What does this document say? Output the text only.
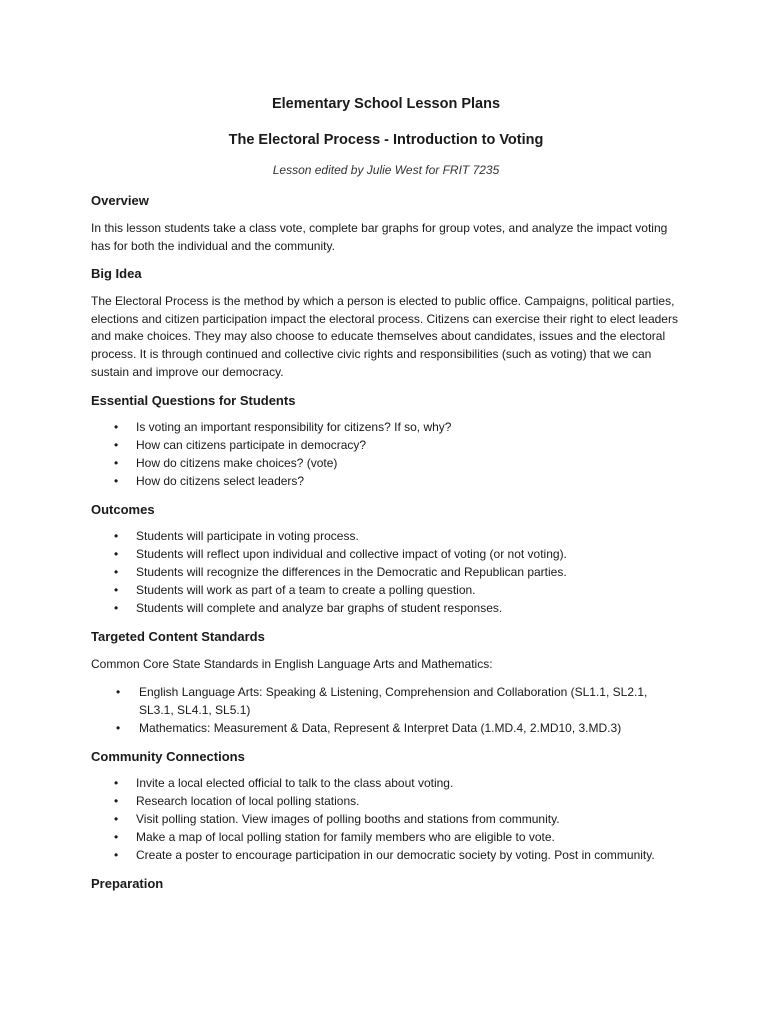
Elementary School Lesson Plans
The Electoral Process - Introduction to Voting
Lesson edited by Julie West for FRIT 7235
Overview

In this lesson students take a class vote, complete bar graphs for group votes, and analyze the impact voting has for both the individual and the community.

Big Idea

The Electoral Process is the method by which a person is elected to public office. Campaigns, political parties, elections and citizen participation impact the electoral process. Citizens can exercise their right to elect leaders and make choices. They may also choose to educate themselves about candidates, issues and the electoral process. It is through continued and collective civic rights and responsibilities (such as voting) that we can sustain and improve our democracy.

Essential Questions for Students
• Is voting an important responsibility for citizens? If so, why?
• How can citizens participate in democracy?
• How do citizens make choices? (vote)
• How do citizens select leaders?
Outcomes
• Students will participate in voting process.
• Students will reflect upon individual and collective impact of voting (or not voting).
• Students will recognize the differences in the Democratic and Republican parties.
• Students will work as part of a team to create a polling question.
• Students will complete and analyze bar graphs of student responses.
Targeted Content Standards

Common Core State Standards in English Language Arts and Mathematics:

• English Language Arts: Speaking & Listening, Comprehension and Collaboration (SL1.1, SL2.1, SL3.1, SL4.1, SL5.1)
• Mathematics: Measurement & Data, Represent & Interpret Data (1.MD.4, 2.MD10, 3.MD.3)
Community Connections
• Invite a local elected official to talk to the class about voting.
• Research location of local polling stations.
• Visit polling station. View images of polling booths and stations from community.
• Make a map of local polling station for family members who are eligible to vote.
• Create a poster to encourage participation in our democratic society by voting. Post in community.
Preparation
